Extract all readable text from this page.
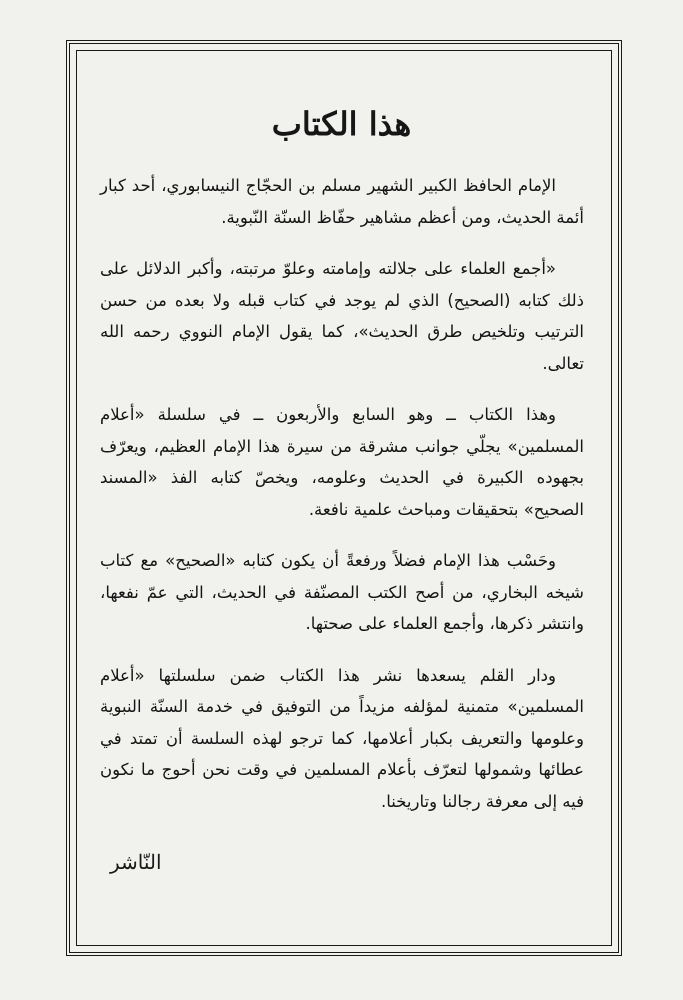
هذا الكتاب

الإمام الحافظ الكبير الشهير مسلم بن الحجّاج النيسابوري، أحد كبار أئمة الحديث، ومن أعظم مشاهير حفّاظ السنّة النّبوية.

«أجمع العلماء على جلالته وإمامته وعلوّ مرتبته، وأكبر الدلائل على ذلك كتابه (الصحيح) الذي لم يوجد في كتاب قبله ولا بعده من حسن الترتيب وتلخيص طرق الحديث»، كما يقول الإمام النووي رحمه الله تعالى.

وهذا الكتاب ــ وهو السابع والأربعون ــ في سلسلة «أعلام المسلمين» يجلّي جوانب مشرقة من سيرة هذا الإمام العظيم، ويعرّف بجهوده الكبيرة في الحديث وعلومه، ويخصّ كتابه الفذ «المسند الصحيح» بتحقيقات ومباحث علمية نافعة.

وحَسْب هذا الإمام فضلاً ورفعةً أن يكون كتابه «الصحيح» مع كتاب شيخه البخاري، من أصح الكتب المصنّفة في الحديث، التي عمّ نفعها، وانتشر ذكرها، وأجمع العلماء على صحتها.

ودار القلم يسعدها نشر هذا الكتاب ضمن سلسلتها «أعلام المسلمين» متمنية لمؤلفه مزيداً من التوفيق في خدمة السنّة النبوية وعلومها والتعريف بكبار أعلامها، كما ترجو لهذه السلسة أن تمتد في عطائها وشمولها لتعرّف بأعلام المسلمين في وقت نحن أحوج ما نكون فيه إلى معرفة رجالنا وتاريخنا.

النّاشر
